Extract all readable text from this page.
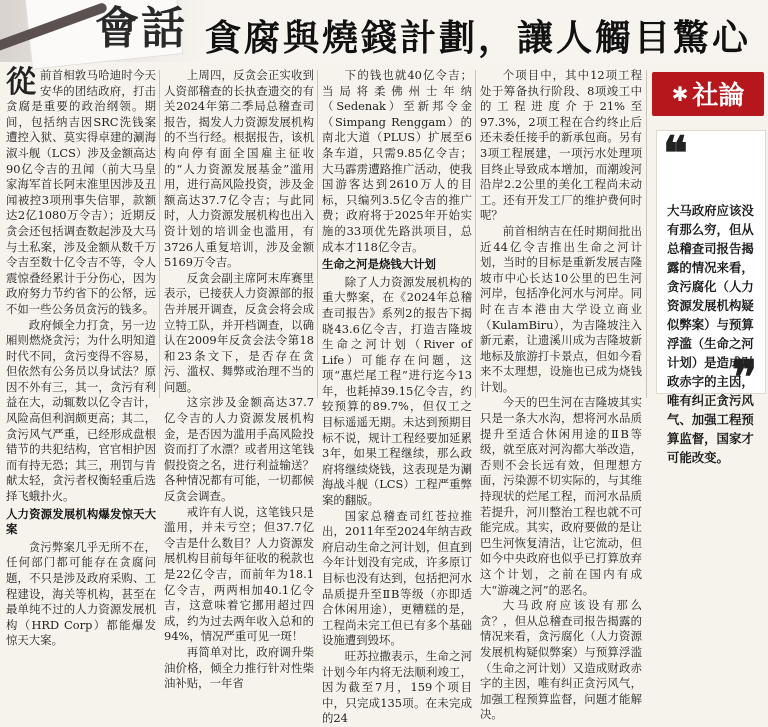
會話 貪腐與燒錢計劃，讓人觸目驚心

從前首相敦马哈迪时今天安华的团结政府，打击贪腐是重要的政治纲领。期间，包括纳吉因SRC洗钱案遭控入狱、莫实得卓建的涮海淑斗舰（LCS）涉及金额高达90亿令吉的丑闻（前大马皇家海军首长阿末淮里因涉及丑闻被控3项刑事失信罪，款额达2亿1080万令吉）；近期反贪会还包括调查数起涉及大马与土私案，涉及金额从数千万令吉至数十亿令吉不等，令人震惊叠经累计于分伤心，因为政府努力节约省下的公帑，远不如一些公务员贪污的钱多。

政府倾全力打贪，另一边厢则燃烧贪污；为什么明知道时代不同，贪污变得不容易，但依然有公务员以身试法？原因不外有三，其一，贪污有利益在大，动辄数以亿令吉计，风险高但利润颇更高；其二，贪污风气严重，已经形成盘根错节的共犯结构，官官相护因而有持无恐；其三，刑罚与肯献太轻，贪污者权衡轻重后选择飞蛾扑火。

人力资源发展机构爆发惊天大案

贪污弊案几乎无所不在，任何部门都可能存在贪腐问题，不只是涉及政府采购、工程建设，海关等机构，甚至在最单纯不过的人力资源发展机构（HRD Corp）都能爆发惊天大案。

上周四，反贪会正实收到人资部稽查的长执查遗交的有关2024年第二季局总稽查司报告，揭发人力资源发展机构的不当行经。根据报告，该机构向停有面全国雇主征收的“人力资源发展基金”滥用用，进行高风险投资，涉及金额高达37.7亿令吉；与此同时，人力资源发展机构也出入资计划的培训金也滥用，有3726人重复培训，涉及金额5169万令吉。

反贪会副主席阿末库赛里表示，已接获人力资源部的报告并展开调查，反贪会将会成立特工队，并开档调查，以确认在2009年反贪会法令第18和23条文下，是否存在贪污、滥权、舞弊或治理不当的问题。

这宗涉及金额高达37.7亿令吉的人力资源发展机构金，是否因为滥用手高风险投资而打了水漂？或者用这笔钱假投资之名，进行利益输送？各种情况都有可能，一切都候反贪会调查。

戒许有人说，这笔钱只是滥用，并未亏空；但37.7亿令吉是什么数目？人力资源发展机构目前每年征收的税款也是22亿令吉，而前年为18.1亿令吉，两两相加40.1亿令吉，这意味着它挪用超过四成，约为过去两年收入总和的94%，情况严重可见一斑！

再简单对比，政府调升柴油价格，倾全力推行针对性柴油补贴，一年省

下的钱也就40亿令吉；当局将柔佛州士年纳（Sedenak）至新邦令金（Simpang Renggam）的南北大道（PLUS）扩展至6条车道，只需9.85亿令吉；大马霹雳遭路推广活动，使我国游客达到2610万人的目标，只编列3.5亿令吉的推广费；政府将于2025年开始实施的33项优先路洪项目，总成本才118亿令吉。

生命之河是烧钱大计划

除了人力资源发展机构的重大弊案，在《2024年总稽查司报告》系列2的报告下揭晓43.6亿令吉，打造吉隆坡生命之河计划（River of Life）可能存在问题，这项“惠烂尾工程”进行迄今13年，也耗掉39.15亿令吉，约较预算的89.7%，但仅工之目标遥遥无期。未达到预期目标不说，规计工程经要加延累3年，如果工程继续，那么政府将继续烧钱，这表现是为涮海战斗舰（LCS）工程严重弊案的翻版。

国家总稽查司红苍拉推出，2011年至2024年纳吉政府启动生命之河计划，但直到今年计划没有完成，许多原订目标也没有达到，包括把河水品质提升至ⅡB等级（亦即适合休闲用途），更糟糕的是，工程尚未完工但已有多个基础设施遭到毁坏。

旺苏拉撒表示，生命之河计划今年内将无法顺利竣工，因为截至7月，159个项目中，只完成135项。在未完成的24

个项目中，其中12项工程处于筹备执行阶段、8项竣工中的工程进度介于21%至97.3%，2项工程在合约终止后还未委任接手的新承包商。另有3项工程展建，一项污水处理项目终止导致成本增加，而潮竣河沿岸2.2公里的美化工程尚未动工。还有开发工厂的维护费何时呢？

前首相纳吉在任时期间批出近44亿令吉推出生命之河计划，当时的目标是重新发展吉隆坡市中心长达10公里的巴生河河岸，包括净化河水与河岸。同时在吉本港由大学设立商业（KulamBiru），为吉隆坡注入新元素，让遗溪川成为吉隆坡新地标及旅游打卡景点，但如今看来不太理想，设施也已成为烧钱计划。

今天的巴生河在吉隆坡其实只是一条大水沟，想将河水品质提升至适合休闲用途的ⅡB等级，就至底对河沟都大举改造，否则不会长远有效，但理想方面，污染源不切实际的，与其维持现状的烂尾工程，而河水品质若提升，河川整治工程也就不可能完成。其实，政府要做的是让巴生河恢复清洁，让它流动，但如今中央政府也似乎已打算放弃这个计划，之前在国内有成大“游魂之河”的恶名。

大马政府应该设有那么贪？，但从总稽查司报告揭露的情况来看，贪污腐化（人力资源发展机构疑似弊案）与预算浮滥（生命之河计划）又造成财政赤字的主因，唯有纠正贪污风气，加强工程预算监督，问题才能解决。

✱ 社論
❝
大马政府应该没有那么穷，但从总稽查司报告揭露的情况来看，贪污腐化（人力资源发展机构疑似弊案）与预算浮滥（生命之河计划）是造成财政赤字的主因，唯有纠正贪污风气、加强工程预算监督，国家才可能改变。
❞
